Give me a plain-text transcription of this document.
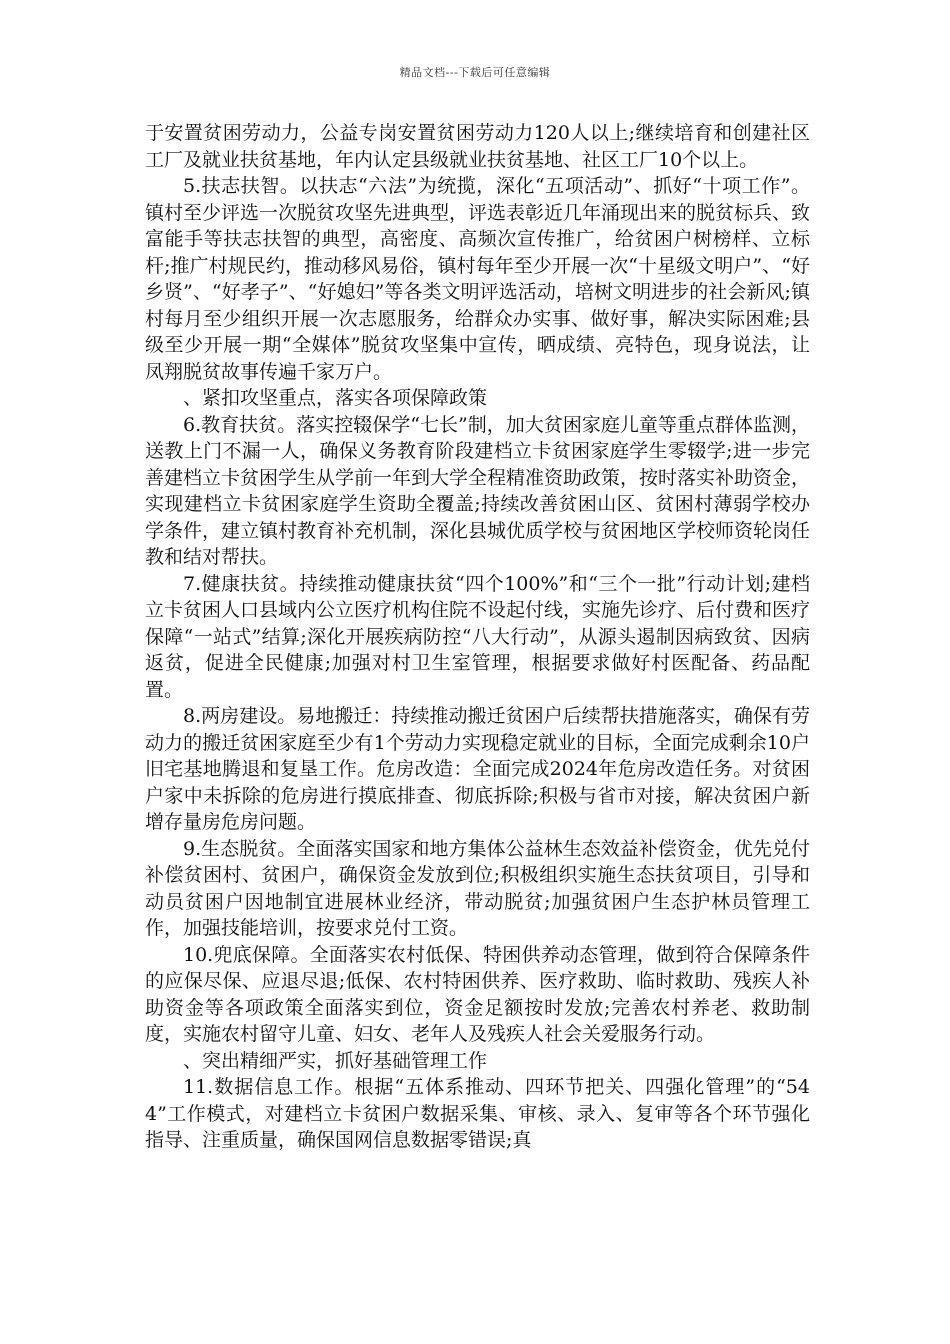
精品文档---下载后可任意编辑

于安置贫困劳动力，公益专岗安置贫困劳动力120人以上;继续培育和创建社区工厂及就业扶贫基地，年内认定县级就业扶贫基地、社区工厂10个以上。

5.扶志扶智。以扶志“六法”为统揽，深化“五项活动”、抓好“十项工作”。镇村至少评选一次脱贫攻坚先进典型，评选表彰近几年涌现出来的脱贫标兵、致富能手等扶志扶智的典型，高密度、高频次宣传推广，给贫困户树榜样、立标杆;推广村规民约，推动移风易俗，镇村每年至少开展一次“十星级文明户”、“好乡贤”、“好孝子”、“好媳妇”等各类文明评选活动，培树文明进步的社会新风;镇村每月至少组织开展一次志愿服务，给群众办实事、做好事，解决实际困难;县级至少开展一期“全媒体”脱贫攻坚集中宣传，晒成绩、亮特色，现身说法，让凤翔脱贫故事传遍千家万户。

、紧扣攻坚重点，落实各项保障政策

6.教育扶贫。落实控辍保学“七长”制，加大贫困家庭儿童等重点群体监测，送教上门不漏一人，确保义务教育阶段建档立卡贫困家庭学生零辍学;进一步完善建档立卡贫困学生从学前一年到大学全程精准资助政策，按时落实补助资金，实现建档立卡贫困家庭学生资助全覆盖;持续改善贫困山区、贫困村薄弱学校办学条件，建立镇村教育补充机制，深化县城优质学校与贫困地区学校师资轮岗任教和结对帮扶。

7.健康扶贫。持续推动健康扶贫“四个100%”和“三个一批”行动计划;建档立卡贫困人口县域内公立医疗机构住院不设起付线，实施先诊疗、后付费和医疗保障“一站式”结算;深化开展疾病防控“八大行动”，从源头遏制因病致贫、因病返贫，促进全民健康;加强对村卫生室管理，根据要求做好村医配备、药品配置。

8.两房建设。易地搬迁：持续推动搬迁贫困户后续帮扶措施落实，确保有劳动力的搬迁贫困家庭至少有1个劳动力实现稳定就业的目标，全面完成剩余10户旧宅基地腾退和复垦工作。危房改造：全面完成2024年危房改造任务。对贫困户家中未拆除的危房进行摸底排查、彻底拆除;积极与省市对接，解决贫困户新增存量房危房问题。

9.生态脱贫。全面落实国家和地方集体公益林生态效益补偿资金，优先兑付补偿贫困村、贫困户，确保资金发放到位;积极组织实施生态扶贫项目，引导和动员贫困户因地制宜进展林业经济，带动脱贫;加强贫困户生态护林员管理工作，加强技能培训，按要求兑付工资。

10.兜底保障。全面落实农村低保、特困供养动态管理，做到符合保障条件的应保尽保、应退尽退;低保、农村特困供养、医疗救助、临时救助、残疾人补助资金等各项政策全面落实到位，资金足额按时发放;完善农村养老、救助制度，实施农村留守儿童、妇女、老年人及残疾人社会关爱服务行动。

、突出精细严实，抓好基础管理工作

11.数据信息工作。根据“五体系推动、四环节把关、四强化管理”的“544”工作模式，对建档立卡贫困户数据采集、审核、录入、复审等各个环节强化指导、注重质量，确保国网信息数据零错误;真
